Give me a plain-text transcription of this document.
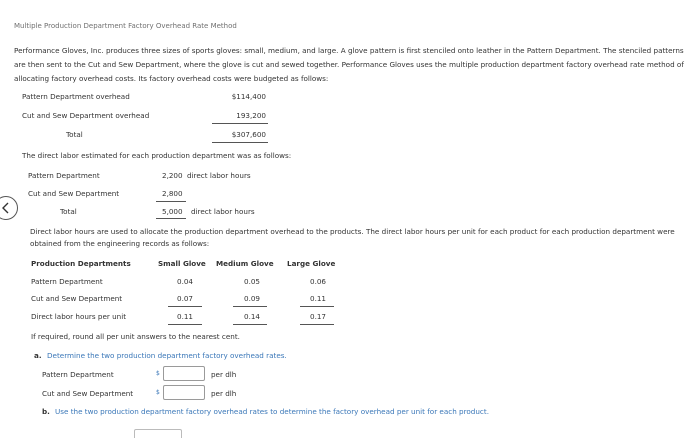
Multiple Production Department Factory Overhead Rate Method
Performance Gloves, Inc. produces three sizes of sports gloves: small, medium, and large. A glove pattern is first stenciled onto leather in the Pattern Department. The stenciled patterns are then sent to the Cut and Sew Department, where the glove is cut and sewed together. Performance Gloves uses the multiple production department factory overhead rate method of allocating factory overhead costs. Its factory overhead costs were budgeted as follows:
Pattern Department overhead	$114,400
Cut and Sew Department overhead	193,200
Total	$307,600
The direct labor estimated for each production department was as follows:
Pattern Department	2,200 direct labor hours
Cut and Sew Department	2,800
Total	5,000 direct labor hours
Direct labor hours are used to allocate the production department overhead to the products. The direct labor hours per unit for each product for each production department were obtained from the engineering records as follows:
Production Departments	Small Glove Medium Glove Large Glove
Pattern Department	0.04	0.05	0.06
Cut and Sew Department	0.07	0.09	0.11
Direct labor hours per unit	0.11	0.14	0.17
If required, round all per unit answers to the nearest cent.
a. Determine the two production department factory overhead rates.
Pattern Department	$	per dlh
Cut and Sew Department	$	per dlh
b. Use the two production department factory overhead rates to determine the factory overhead per unit for each product.
